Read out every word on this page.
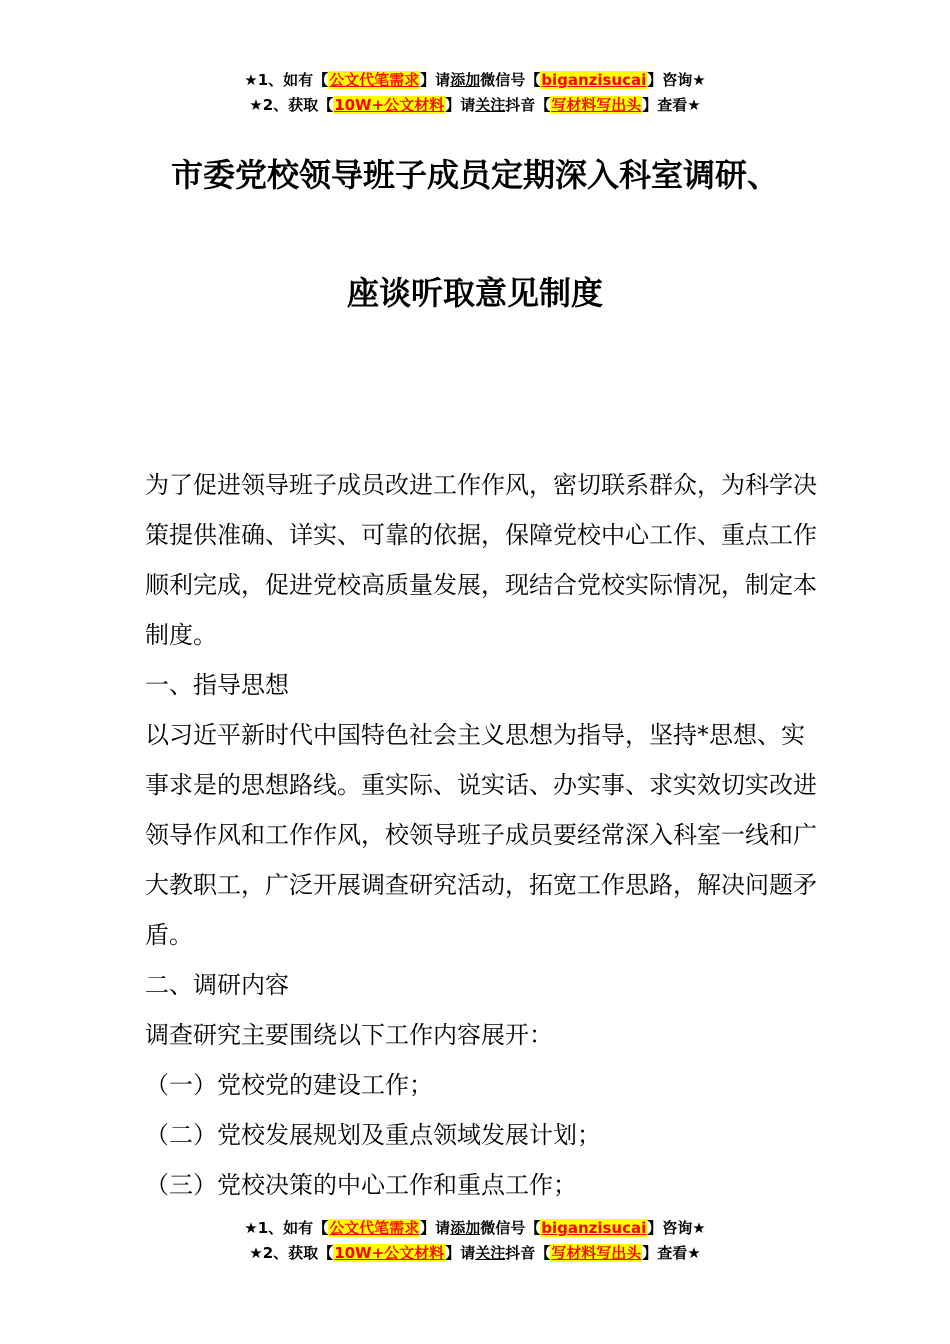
★1、如有【公文代笔需求】请添加微信号【biganzisucai】咨询★
★2、获取【10W+公文材料】请关注抖音【写材料写出头】查看★
市委党校领导班子成员定期深入科室调研、
座谈听取意见制度

为了促进领导班子成员改进工作作风，密切联系群众，为科学决策提供准确、详实、可靠的依据，保障党校中心工作、重点工作顺利完成，促进党校高质量发展，现结合党校实际情况，制定本制度。

一、指导思想

以习近平新时代中国特色社会主义思想为指导，坚持*思想、实事求是的思想路线。重实际、说实话、办实事、求实效切实改进领导作风和工作作风，校领导班子成员要经常深入科室一线和广大教职工，广泛开展调查研究活动，拓宽工作思路，解决问题矛盾。

二、调研内容

调查研究主要围绕以下工作内容展开：

（一）党校党的建设工作；

（二）党校发展规划及重点领域发展计划；

（三）党校决策的中心工作和重点工作；

★1、如有【公文代笔需求】请添加微信号【biganzisucai】咨询★
★2、获取【10W+公文材料】请关注抖音【写材料写出头】查看★
